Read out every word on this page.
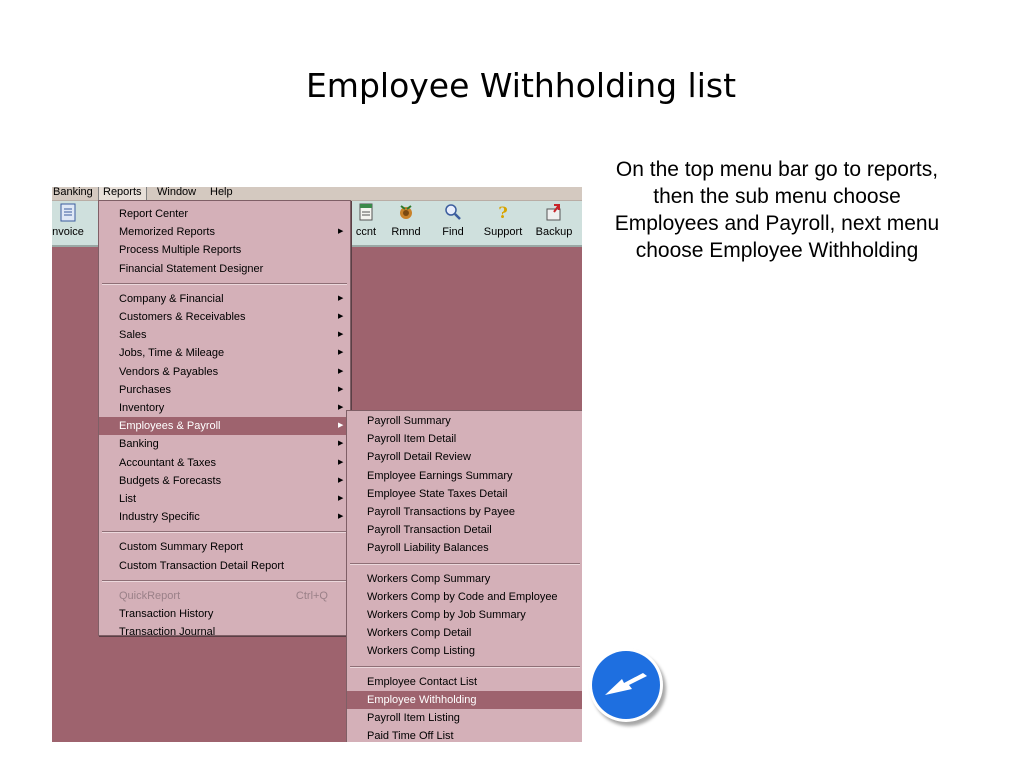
Employee Withholding list
On the top menu bar go to reports, then the sub menu choose Employees and Payroll, next menu choose Employee Withholding
Banking Reports	Window	Help
nvoice	ccnt	Rmnd	Find
?
Support	Backup
Report Center
Memorized Reports	▶
Process Multiple Reports
Financial Statement Designer
Company & Financial	▶
Customers & Receivables	▶
Sales	▶
Jobs, Time & Mileage	▶
Vendors & Payables	▶
Purchases	▶
Inventory	▶
Employees & Payroll	▶
Banking	▶
Accountant & Taxes	▶
Budgets & Forecasts	▶
List	▶
Industry Specific	▶
Custom Summary Report
Custom Transaction Detail Report
QuickReport	Ctrl+Q
Transaction History
Transaction Journal
Payroll Summary
Payroll Item Detail
Payroll Detail Review
Employee Earnings Summary
Employee State Taxes Detail
Payroll Transactions by Payee
Payroll Transaction Detail
Payroll Liability Balances
Workers Comp Summary
Workers Comp by Code and Employee
Workers Comp by Job Summary
Workers Comp Detail
Workers Comp Listing
Employee Contact List
Employee Withholding
Payroll Item Listing
Paid Time Off List
